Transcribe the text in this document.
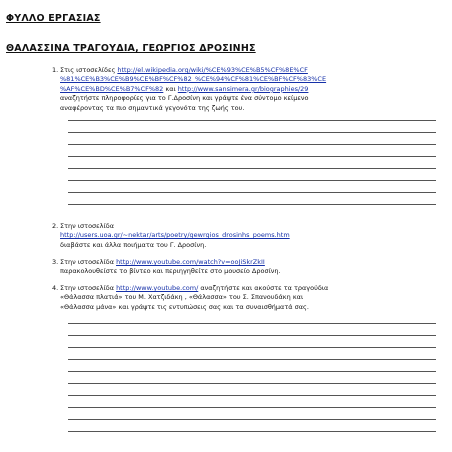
ΦΥΛΛΟ ΕΡΓΑΣΙΑΣ
ΘΑΛΑΣΣΙΝΑ ΤΡΑΓΟΥΔΙΑ, ΓΕΩΡΓΙΟΣ ΔΡΟΣΙΝΗΣ
1. Στις ιστοσελίδες http://el.wikipedia.org/wiki/%CE%93%CE%B5%CF%8E%CF
%81%CE%B3%CE%B9%CE%BF%CF%82_%CE%94%CF%81%CE%BF%CF%83%CE
%AF%CE%BD%CE%B7%CF%82 και http://www.sansimera.gr/biographies/29
αναζητήστε πληροφορίες για το Γ.Δροσίνη και γράψτε ένα σύντομο κείμενο
αναφέροντας τα πιο σημαντικά γεγονότα της ζωής του.
2. Στην ιστοσελίδα
http://users.uoa.gr/~nektar/arts/poetry/gewrgios_drosinhs_poems.htm
διαβάστε και άλλα ποιήματα του Γ. Δροσίνη.
3. Στην ιστοσελίδα http://www.youtube.com/watch?v=ooJiSkrZkII
παρακολουθείστε το βίντεο και περιηγηθείτε στο μουσείο Δροσίνη.
4. Στην ιστοσελίδα http://www.youtube.com/ αναζητήστε και ακούστε τα τραγούδια
«Θάλασσα πλατιά» του Μ. Χατζιδάκη , «Θάλασσα» του Σ. Σπανουδάκη και
«Θάλασσα μάνα» και γράψτε τις εντυπώσεις σας και τα συναισθήματά σας.
